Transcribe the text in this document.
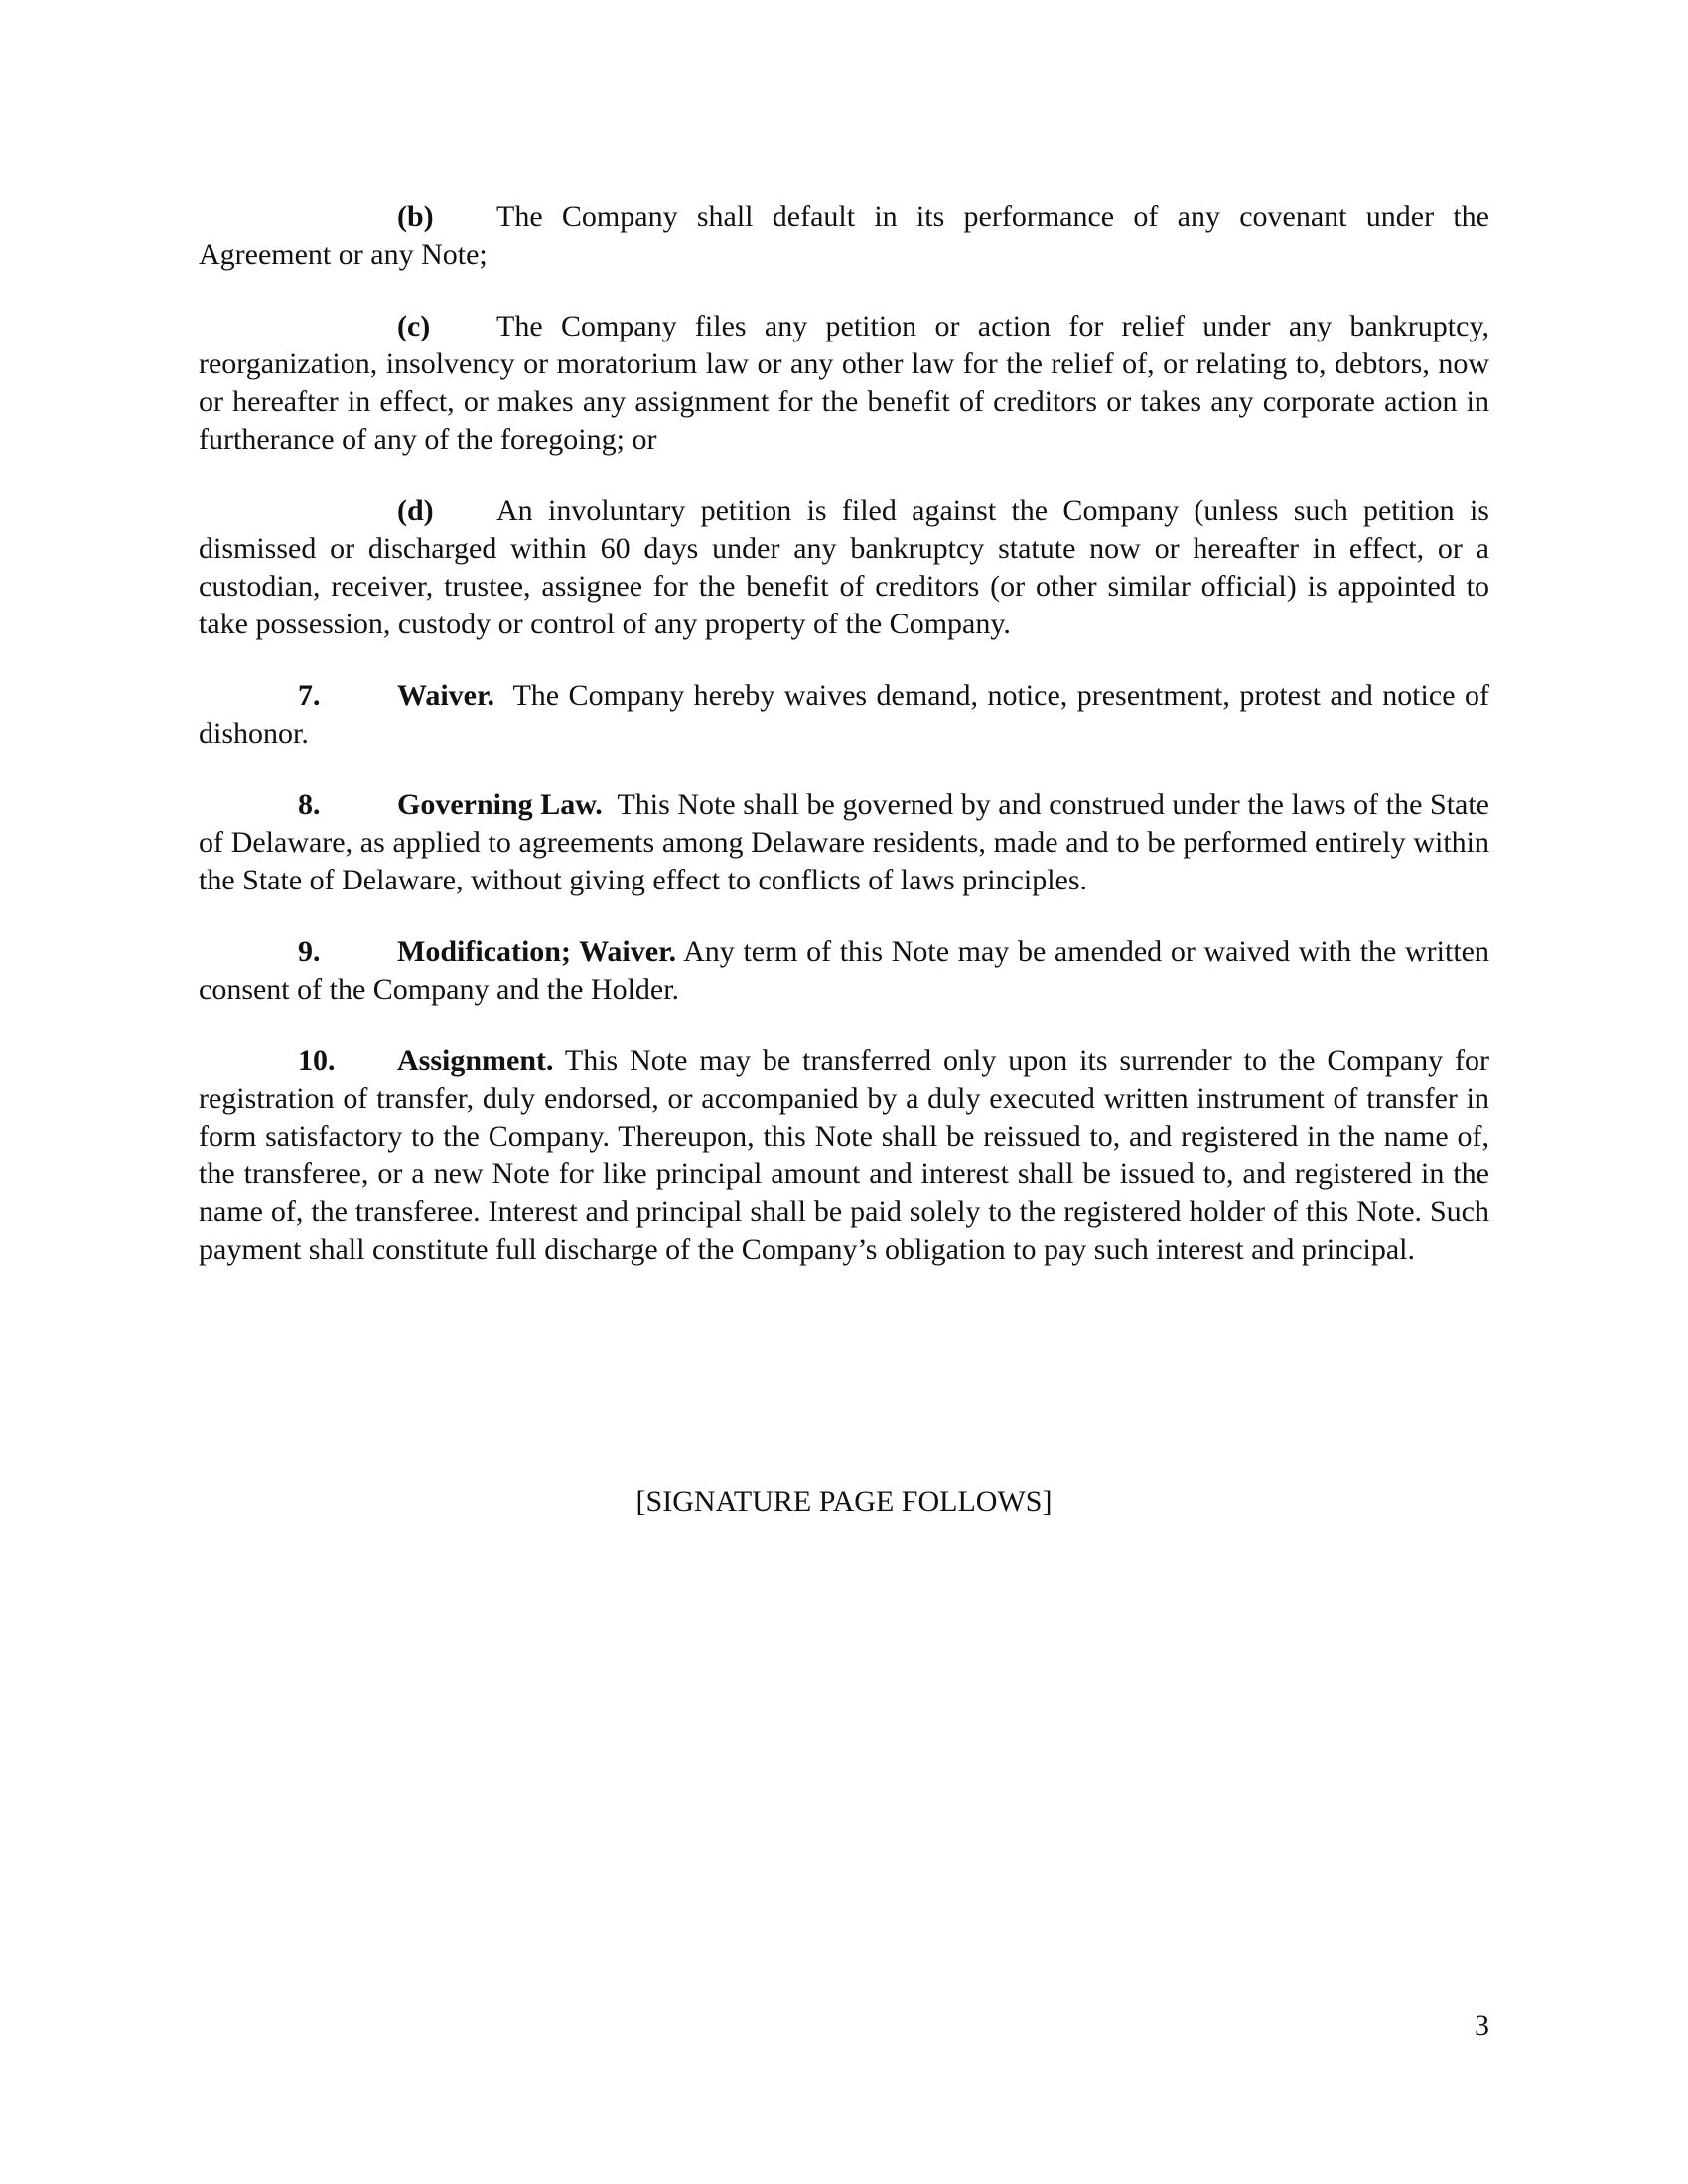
(b) The Company shall default in its performance of any covenant under the Agreement or any Note;

(c) The Company files any petition or action for relief under any bankruptcy, reorganization, insolvency or moratorium law or any other law for the relief of, or relating to, debtors, now or hereafter in effect, or makes any assignment for the benefit of creditors or takes any corporate action in furtherance of any of the foregoing; or

(d) An involuntary petition is filed against the Company (unless such petition is dismissed or discharged within 60 days under any bankruptcy statute now or hereafter in effect, or a custodian, receiver, trustee, assignee for the benefit of creditors (or other similar official) is appointed to take possession, custody or control of any property of the Company.

7.	Waiver. The Company hereby waives demand, notice, presentment, protest and notice of dishonor.

8.	Governing Law. This Note shall be governed by and construed under the laws of the State of Delaware, as applied to agreements among Delaware residents, made and to be performed entirely within the State of Delaware, without giving effect to conflicts of laws principles.

9.	Modification; Waiver. Any term of this Note may be amended or waived with the written consent of the Company and the Holder.

10. Assignment. This Note may be transferred only upon its surrender to the Company for registration of transfer, duly endorsed, or accompanied by a duly executed written instrument of transfer in form satisfactory to the Company. Thereupon, this Note shall be reissued to, and registered in the name of, the transferee, or a new Note for like principal amount and interest shall be issued to, and registered in the name of, the transferee. Interest and principal shall be paid solely to the registered holder of this Note. Such payment shall constitute full discharge of the Company’s obligation to pay such interest and principal.

[SIGNATURE PAGE FOLLOWS]
3
